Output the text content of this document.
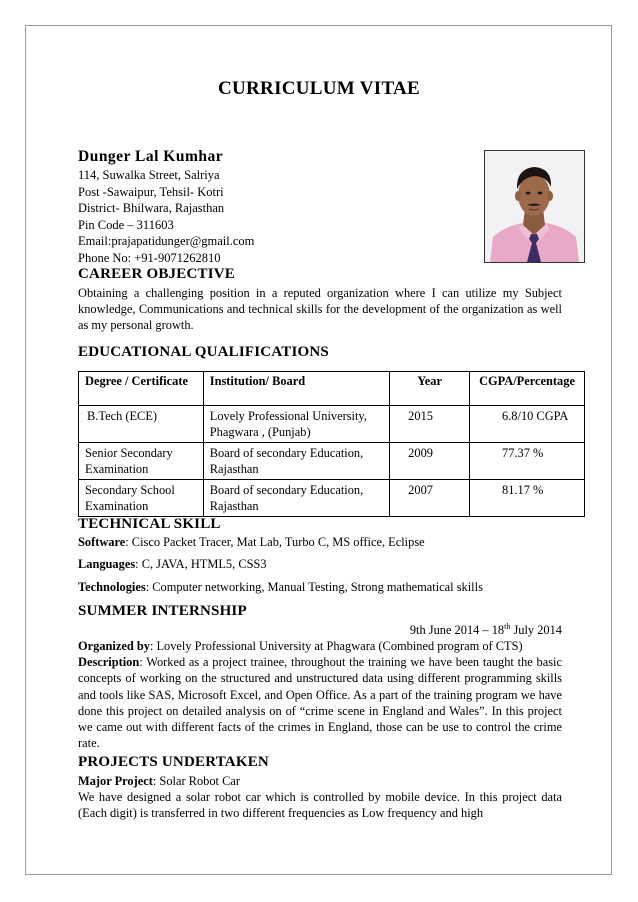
CURRICULUM VITAE
Dunger Lal Kumhar
114, Suwalka Street, Salriya
Post -Sawaipur, Tehsil- Kotri
District- Bhilwara, Rajasthan
Pin Code – 311603
Email:prajapatidunger@gmail.com
Phone No: +91-9071262810
CAREER OBJECTIVE
Obtaining a challenging position in a reputed organization where I can utilize my Subject knowledge, Communications and technical skills for the development of the organization as well as my personal growth.
EDUCATIONAL QUALIFICATIONS
Degree / Certificate	Institution/ Board	Year	CGPA/Percentage
B.Tech (ECE)	Lovely Professional University, Phagwara , (Punjab)	2015	6.8/10 CGPA
Senior Secondary Examination	Board of secondary Education, Rajasthan	2009	77.37 %
Secondary School Examination	Board of secondary Education, Rajasthan	2007	81.17 %
TECHNICAL SKILL
Software: Cisco Packet Tracer, Mat Lab, Turbo C, MS office, Eclipse
Languages: C, JAVA, HTML5, CSS3
Technologies: Computer networking, Manual Testing, Strong mathematical skills
SUMMER INTERNSHIP
9th June 2014 – 18th July 2014
Organized by: Lovely Professional University at Phagwara (Combined program of CTS)
Description: Worked as a project trainee, throughout the training we have been taught the basic concepts of working on the structured and unstructured data using different programming skills and tools like SAS, Microsoft Excel, and Open Office. As a part of the training program we have done this project on detailed analysis on of “crime scene in England and Wales”. In this project we came out with different facts of the crimes in England, those can be use to control the crime rate.
PROJECTS UNDERTAKEN
Major Project: Solar Robot Car
We have designed a solar robot car which is controlled by mobile device. In this project data (Each digit) is transferred in two different frequencies as Low frequency and high
